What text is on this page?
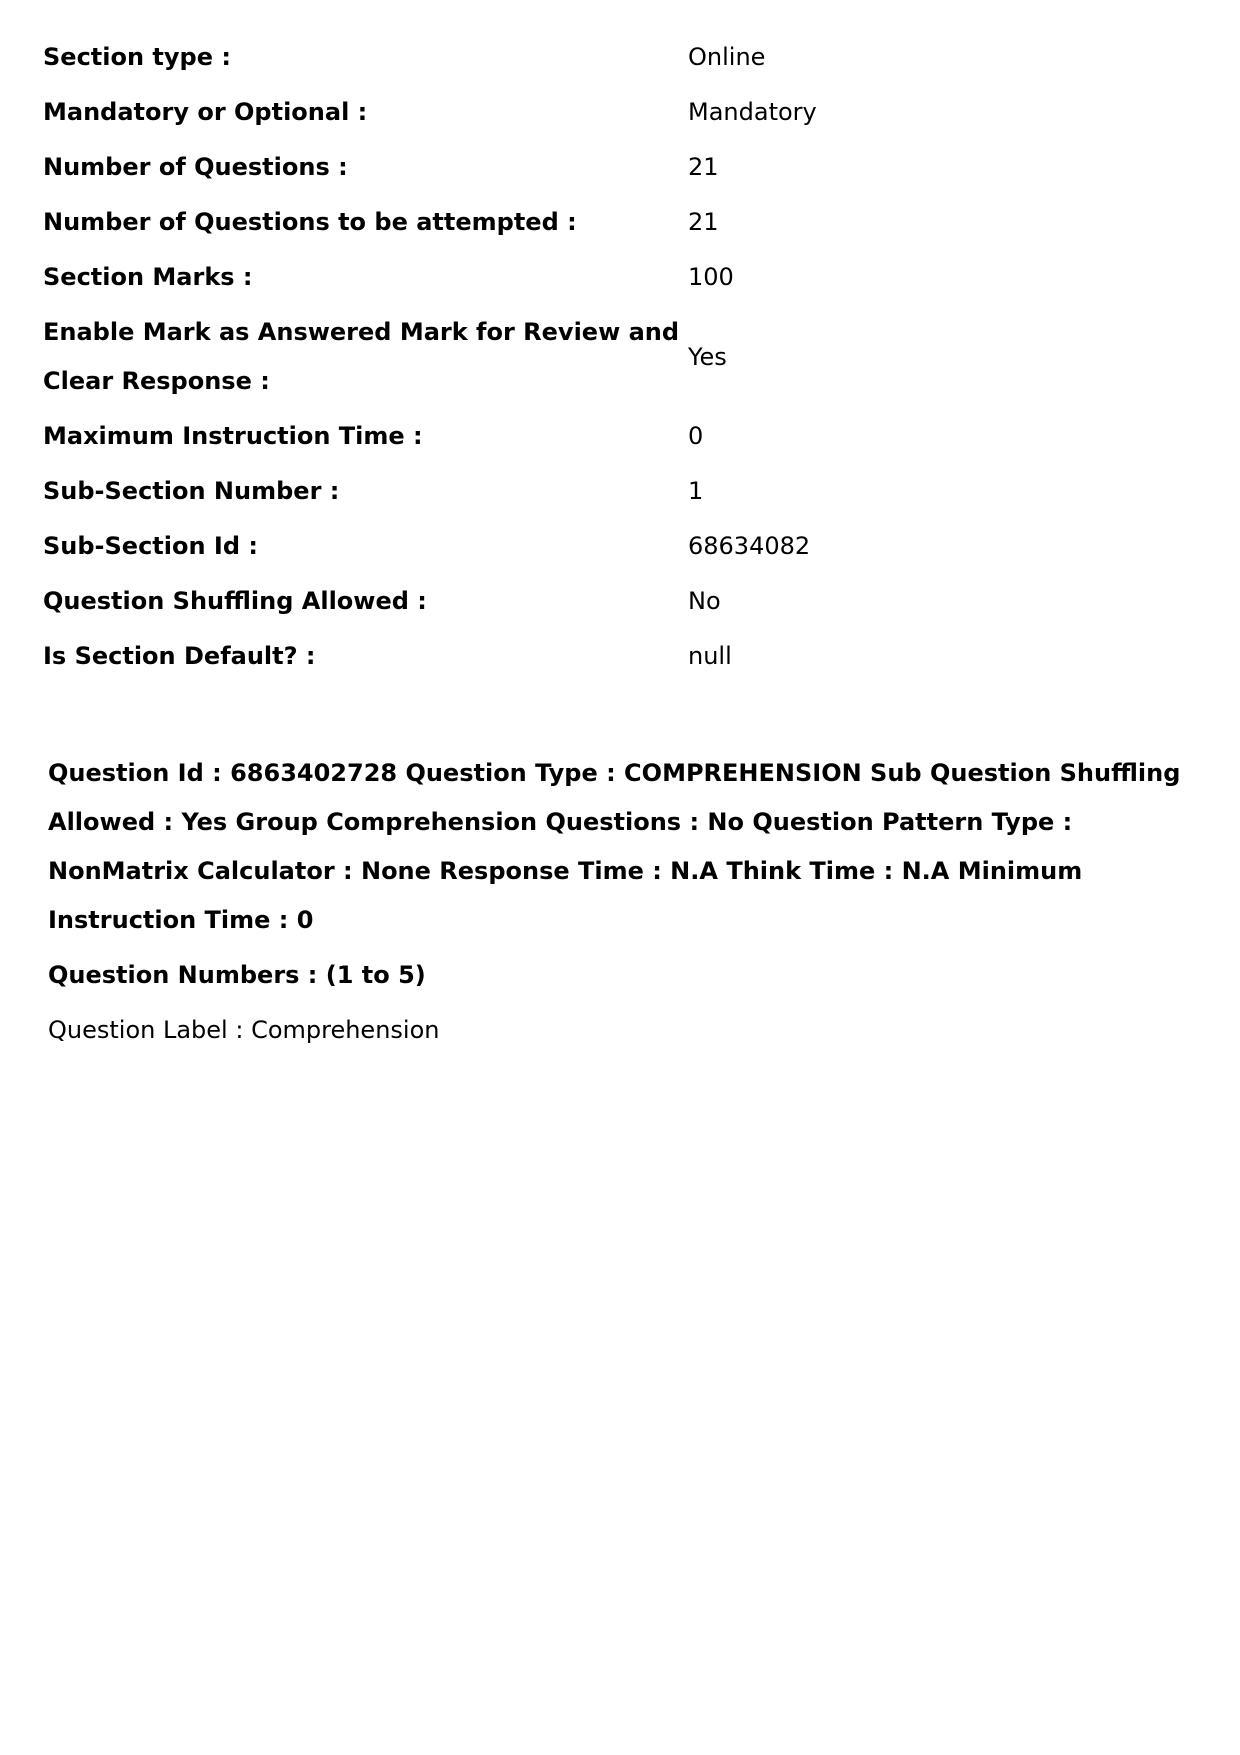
Section type :	Online
Mandatory or Optional :	Mandatory
Number of Questions :	21
Number of Questions to be attempted :	21
Section Marks :	100
Enable Mark as Answered Mark for Review and Clear Response :	Yes
Maximum Instruction Time :	0
Sub-Section Number :	1
Sub-Section Id :	68634082
Question Shuffling Allowed :	No
Is Section Default? :	null

Question Id : 6863402728 Question Type : COMPREHENSION Sub Question Shuffling Allowed : Yes Group Comprehension Questions : No Question Pattern Type : NonMatrix Calculator : None Response Time : N.A Think Time : N.A Minimum Instruction Time : 0

Question Numbers : (1 to 5)

Question Label : Comprehension
